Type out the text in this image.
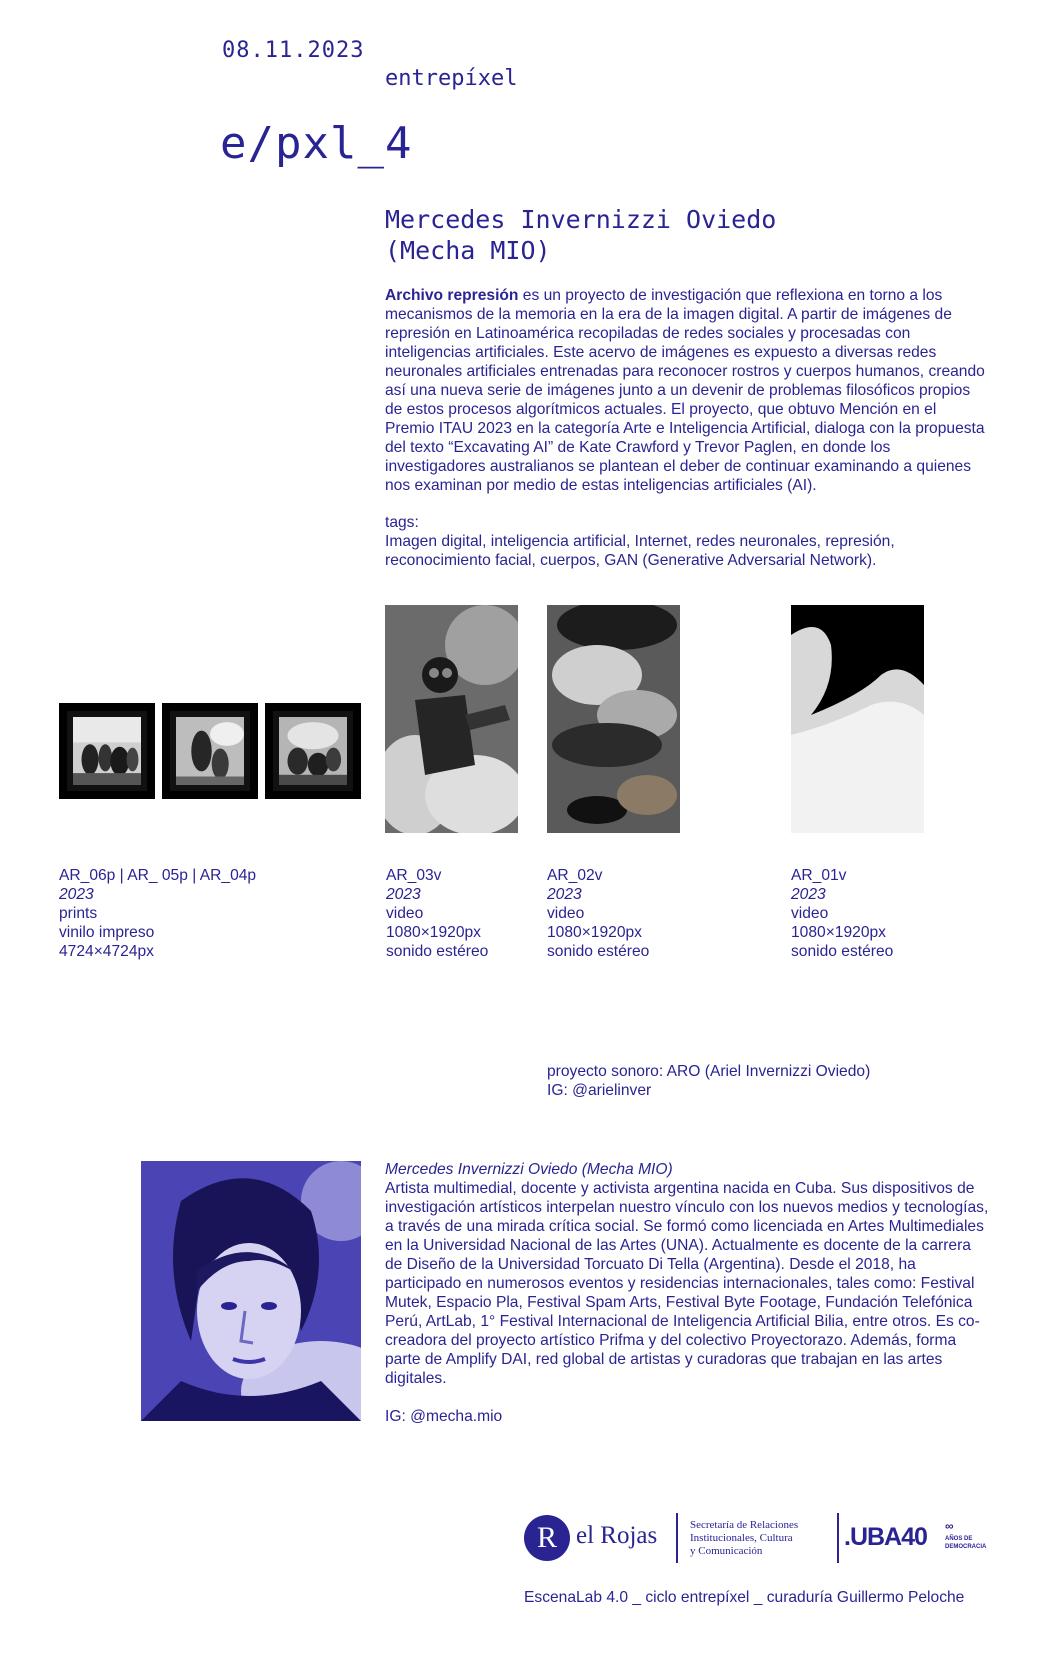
08.11.2023
entrepíxel
e/pxl_4
Mercedes Invernizzi Oviedo
(Mecha MIO)
Archivo represión es un proyecto de investigación que reflexiona en torno a los mecanismos de la memoria en la era de la imagen digital. A partir de imágenes de represión en Latinoamérica recopiladas de redes sociales y procesadas con inteligencias artificiales. Este acervo de imágenes es expuesto a diversas redes neuronales artificiales entrenadas para reconocer rostros y cuerpos humanos, creando así una nueva serie de imágenes junto a un devenir de problemas filosóficos propios de estos procesos algorítmicos actuales. El proyecto, que obtuvo Mención en el Premio ITAU 2023 en la categoría Arte e Inteligencia Artificial, dialoga con la propuesta del texto “Excavating AI” de Kate Crawford y Trevor Paglen, en donde los investigadores australianos se plantean el deber de continuar examinando a quienes nos examinan por medio de estas inteligencias artificiales (AI).
tags:
Imagen digital, inteligencia artificial, Internet, redes neuronales, represión, reconocimiento facial, cuerpos, GAN (Generative Adversarial Network).
AR_06p | AR_ 05p | AR_04p
2023
prints
vinilo impreso
4724×4724px
AR_03v
2023
video
1080×1920px
sonido estéreo
AR_02v
2023
video
1080×1920px
sonido estéreo
AR_01v
2023
video
1080×1920px
sonido estéreo
proyecto sonoro: ARO (Ariel Invernizzi Oviedo)
IG: @arielinver
Mercedes Invernizzi Oviedo (Mecha MIO)
Artista multimedial, docente y activista argentina nacida en Cuba. Sus dispositivos de investigación artísticos interpelan nuestro vínculo con los nuevos medios y tecnologías, a través de una mirada crítica social. Se formó como licenciada en Artes Multimediales en la Universidad Nacional de las Artes (UNA). Actualmente es docente de la carrera de Diseño de la Universidad Torcuato Di Tella (Argentina). Desde el 2018, ha participado en numerosos eventos y residencias internacionales, tales como: Festival Mutek, Espacio Pla, Festival Spam Arts, Festival Byte Footage, Fundación Telefónica Perú, ArtLab, 1° Festival Internacional de Inteligencia Artificial Bilia, entre otros. Es co-creadora del proyecto artístico Prifma y del colectivo Proyectorazo. Además, forma parte de Amplify DAI, red global de artistas y curadoras que trabajan en las artes digitales.
IG: @mecha.mio
R el Rojas	Secretaría de Relaciones
Institucionales, Cultura
y Comunicación	.UBA40 ∞
AÑOS DE
DEMOCRACIA
EscenaLab 4.0 _ ciclo entrepíxel _ curaduría Guillermo Peloche
